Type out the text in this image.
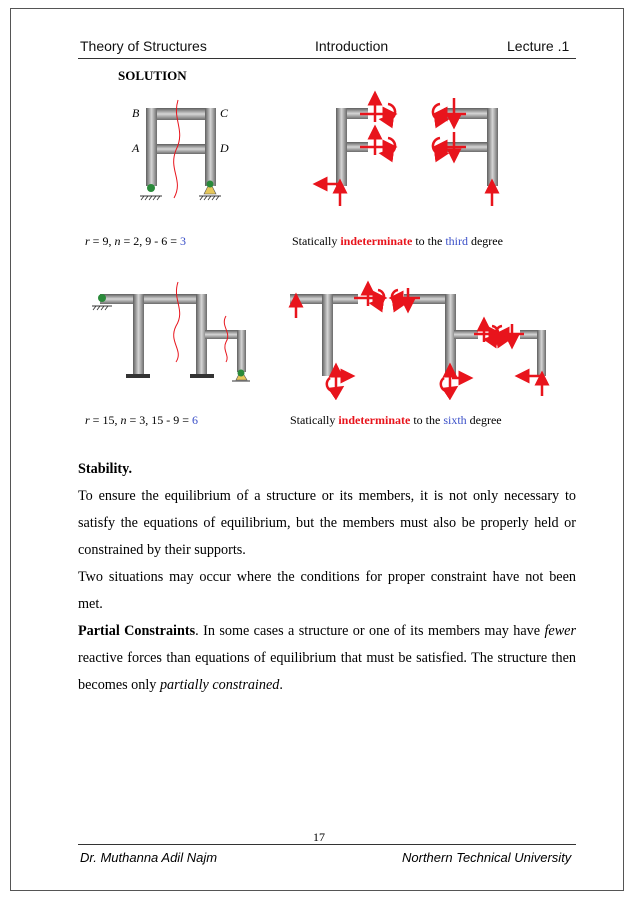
Theory of Structures	Introduction	Lecture .1
SOLUTION
B	C
A	D
r = 9, n = 2, 9 - 6 = 3	Statically indeterminate to the third degree
r = 15, n = 3, 15 - 9 = 6	Statically indeterminate to the sixth degree
Stability.
To ensure the equilibrium of a structure or its members, it is not only necessary to satisfy the equations of equilibrium, but the members must also be properly held or constrained by their supports.
Two situations may occur where the conditions for proper constraint have not been met.
Partial Constraints. In some cases a structure or one of its members may have fewer reactive forces than equations of equilibrium that must be satisfied. The structure then becomes only partially constrained.
17
Dr. Muthanna Adil Najm	Northern Technical University
